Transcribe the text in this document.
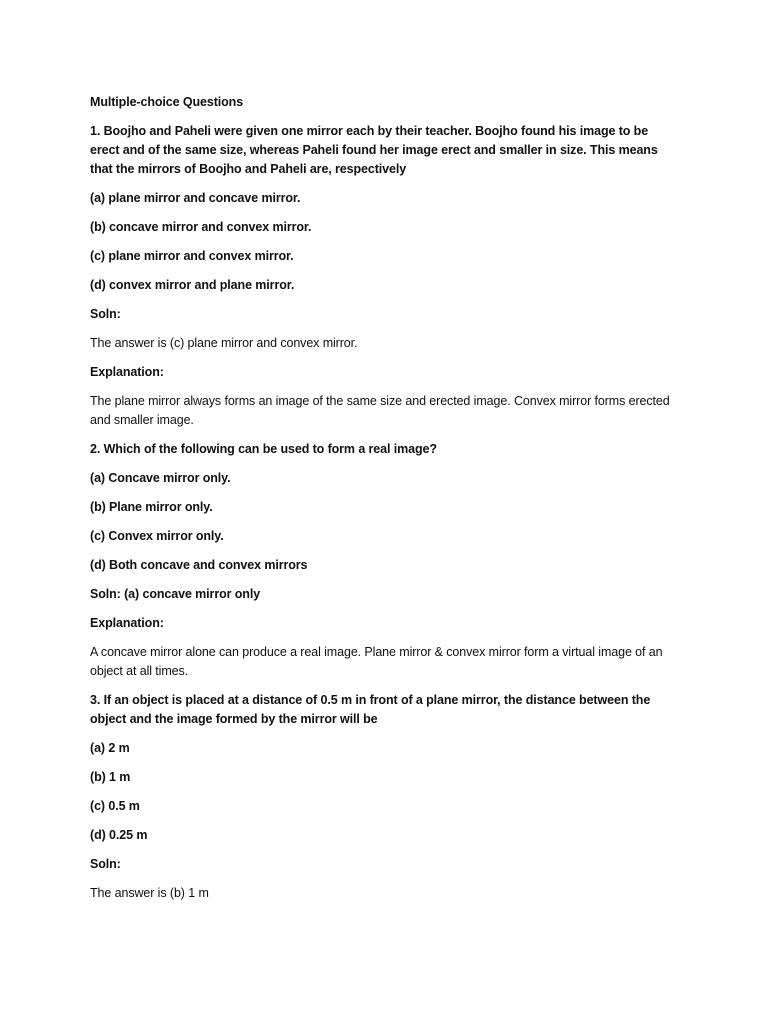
Multiple-choice Questions

1. Boojho and Paheli were given one mirror each by their teacher. Boojho found his image to be erect and of the same size, whereas Paheli found her image erect and smaller in size. This means that the mirrors of Boojho and Paheli are, respectively

(a) plane mirror and concave mirror.

(b) concave mirror and convex mirror.

(c) plane mirror and convex mirror.

(d) convex mirror and plane mirror.

Soln:

The answer is (c) plane mirror and convex mirror.

Explanation:

The plane mirror always forms an image of the same size and erected image. Convex mirror forms erected and smaller image.

2. Which of the following can be used to form a real image?

(a) Concave mirror only.

(b) Plane mirror only.

(c) Convex mirror only.

(d) Both concave and convex mirrors

Soln: (a) concave mirror only

Explanation:

A concave mirror alone can produce a real image. Plane mirror & convex mirror form a virtual image of an object at all times.

3. If an object is placed at a distance of 0.5 m in front of a plane mirror, the distance between the object and the image formed by the mirror will be

(a) 2 m

(b) 1 m

(c) 0.5 m

(d) 0.25 m

Soln:

The answer is (b) 1 m
